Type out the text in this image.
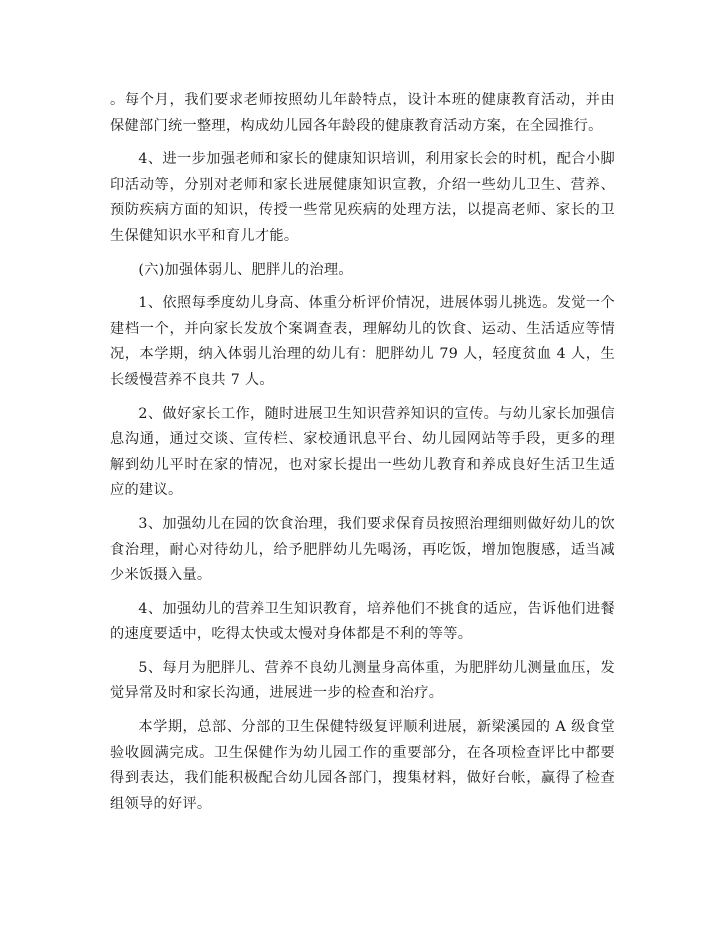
。每个月，我们要求老师按照幼儿年龄特点，设计本班的健康教育活动，并由保健部门统一整理，构成幼儿园各年龄段的健康教育活动方案，在全园推行。

4、进一步加强老师和家长的健康知识培训，利用家长会的时机，配合小脚印活动等，分别对老师和家长进展健康知识宣教，介绍一些幼儿卫生、营养、预防疾病方面的知识，传授一些常见疾病的处理方法，以提高老师、家长的卫生保健知识水平和育儿才能。

(六)加强体弱儿、肥胖儿的治理。

1、依照每季度幼儿身高、体重分析评价情况，进展体弱儿挑选。发觉一个建档一个，并向家长发放个案调查表，理解幼儿的饮食、运动、生活适应等情况，本学期，纳入体弱儿治理的幼儿有：肥胖幼儿 79 人，轻度贫血 4 人，生长缓慢营养不良共 7 人。

2、做好家长工作，随时进展卫生知识营养知识的宣传。与幼儿家长加强信息沟通，通过交谈、宣传栏、家校通讯息平台、幼儿园网站等手段，更多的理解到幼儿平时在家的情况，也对家长提出一些幼儿教育和养成良好生活卫生适应的建议。

3、加强幼儿在园的饮食治理，我们要求保育员按照治理细则做好幼儿的饮食治理，耐心对待幼儿，给予肥胖幼儿先喝汤，再吃饭，增加饱腹感，适当减少米饭摄入量。

4、加强幼儿的营养卫生知识教育，培养他们不挑食的适应，告诉他们进餐的速度要适中，吃得太快或太慢对身体都是不利的等等。

5、每月为肥胖儿、营养不良幼儿测量身高体重，为肥胖幼儿测量血压，发觉异常及时和家长沟通，进展进一步的检查和治疗。

本学期，总部、分部的卫生保健特级复评顺利进展，新梁溪园的 A 级食堂验收圆满完成。卫生保健作为幼儿园工作的重要部分，在各项检查评比中都要得到表达，我们能积极配合幼儿园各部门，搜集材料，做好台帐，赢得了检查组领导的好评。
